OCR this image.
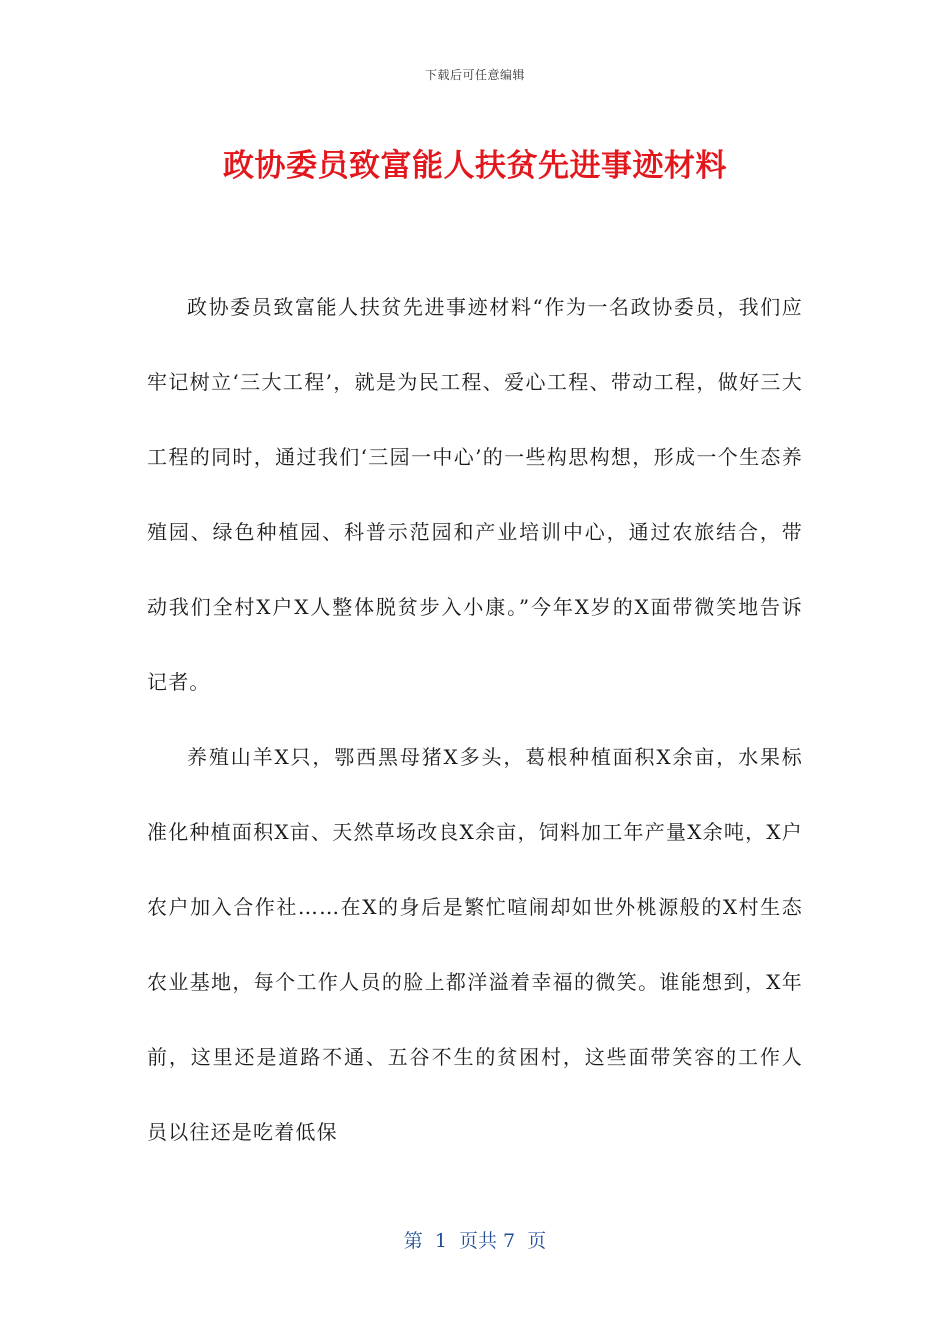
下载后可任意编辑
政协委员致富能人扶贫先进事迹材料

政协委员致富能人扶贫先进事迹材料“作为一名政协委员，我们应牢记树立‘三大工程’，就是为民工程、爱心工程、带动工程，做好三大工程的同时，通过我们‘三园一中心’的一些构思构想，形成一个生态养殖园、绿色种植园、科普示范园和产业培训中心，通过农旅结合，带动我们全村X户X人整体脱贫步入小康。”今年X岁的X面带微笑地告诉记者。

养殖山羊X只，鄂西黑母猪X多头，葛根种植面积X余亩，水果标准化种植面积X亩、天然草场改良X余亩，饲料加工年产量X余吨，X户农户加入合作社……在X的身后是繁忙喧闹却如世外桃源般的X村生态农业基地，每个工作人员的脸上都洋溢着幸福的微笑。谁能想到，X年前，这里还是道路不通、五谷不生的贫困村，这些面带笑容的工作人员以往还是吃着低保

第  1  页共 7  页
